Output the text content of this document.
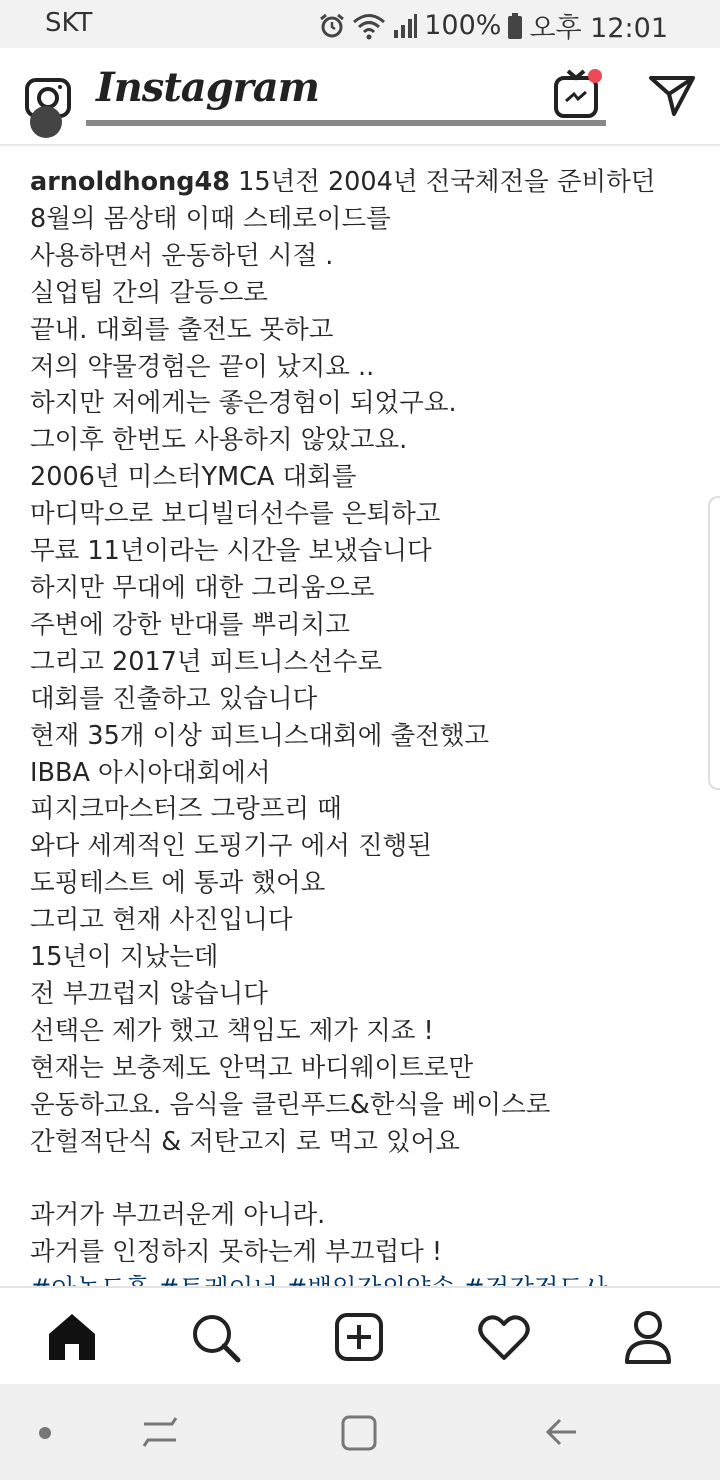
SKT	100% 오후 12:01
Instagram
arnoldhong48 15년전 2004년 전국체전을 준비하던
8월의 몸상태 이때 스테로이드를
사용하면서 운동하던 시절 .
실업팀 간의 갈등으로
끝내. 대회를 출전도 못하고
저의 약물경험은 끝이 났지요 ..
하지만 저에게는 좋은경험이 되었구요.
그이후 한번도 사용하지 않았고요.
2006년 미스터YMCA 대회를
마디막으로 보디빌더선수를 은퇴하고
무료 11년이라는 시간을 보냈습니다
하지만 무대에 대한 그리움으로
주변에 강한 반대를 뿌리치고
그리고 2017년 피트니스선수로
대회를 진출하고 있습니다
현재 35개 이상 피트니스대회에 출전했고
IBBA 아시아대회에서
피지크마스터즈 그랑프리 때
와다 세계적인 도핑기구 에서 진행된
도핑테스트 에 통과 했어요
그리고 현재 사진입니다
15년이 지났는데
전 부끄럽지 않습니다
선택은 제가 했고 책임도 제가 지죠 !
현재는 보충제도 안먹고 바디웨이트로만
운동하고요. 음식을 클린푸드&한식을 베이스로
간헐적단식 & 저탄고지 로 먹고 있어요

과거가 부끄러운게 아니라.
과거를 인정하지 못하는게 부끄럽다 !
